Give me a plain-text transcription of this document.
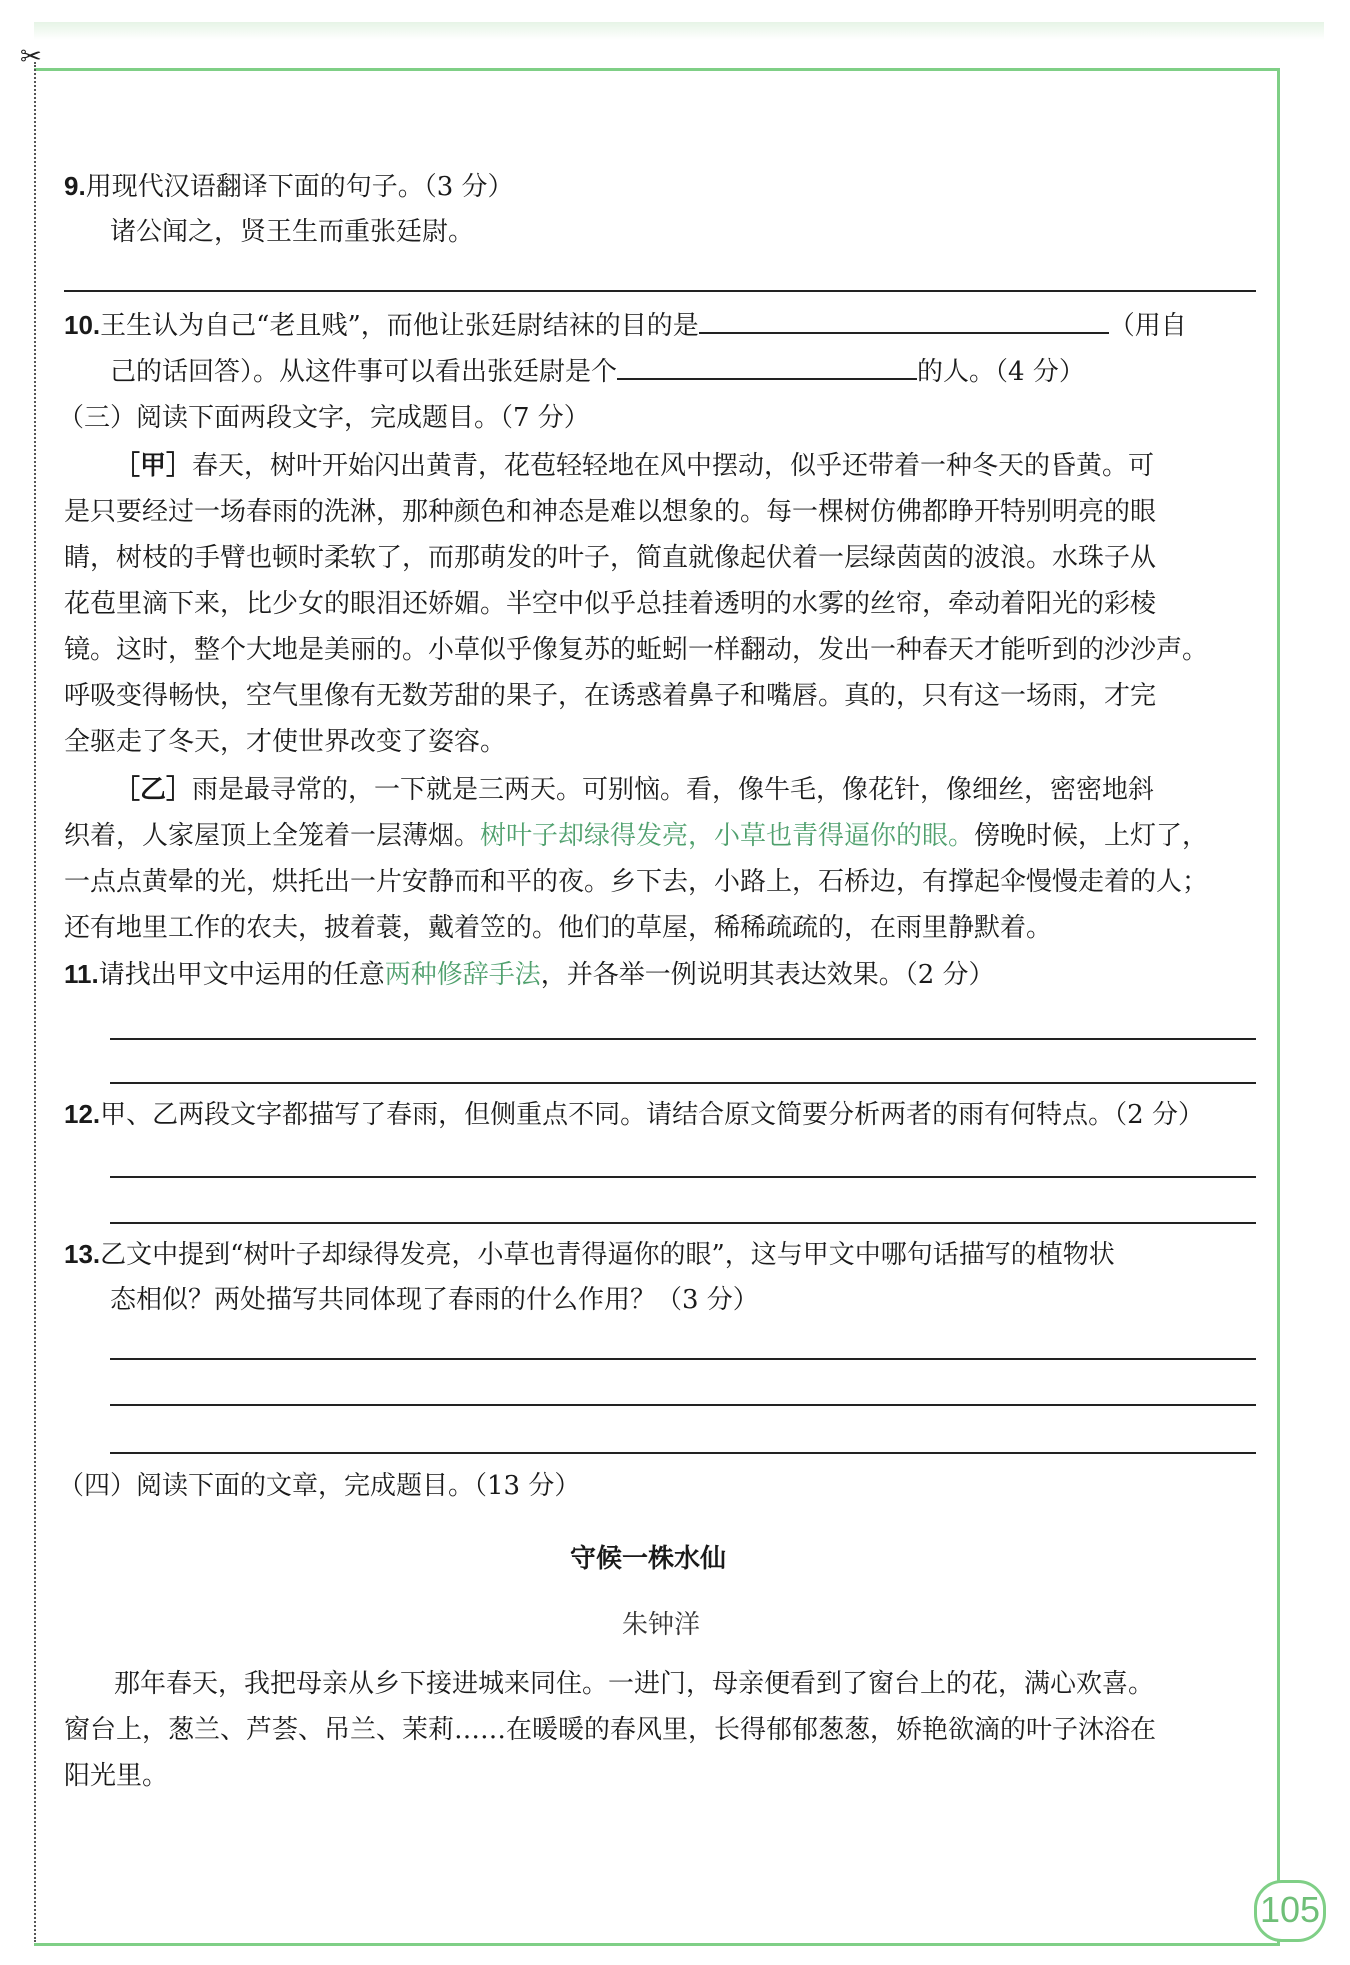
✂
9.用现代汉语翻译下面的句子。（3 分）
诸公闻之，贤王生而重张廷尉。
10.王生认为自己“老且贱”，而他让张廷尉结袜的目的是	（用自
己的话回答）。从这件事可以看出张廷尉是个	的人。（4 分）
（三）阅读下面两段文字，完成题目。（7 分）
［甲］春天，树叶开始闪出黄青，花苞轻轻地在风中摆动，似乎还带着一种冬天的昏黄。可
是只要经过一场春雨的洗淋，那种颜色和神态是难以想象的。每一棵树仿佛都睁开特别明亮的眼
睛，树枝的手臂也顿时柔软了，而那萌发的叶子，简直就像起伏着一层绿茵茵的波浪。水珠子从
花苞里滴下来，比少女的眼泪还娇媚。半空中似乎总挂着透明的水雾的丝帘，牵动着阳光的彩棱
镜。这时，整个大地是美丽的。小草似乎像复苏的蚯蚓一样翻动，发出一种春天才能听到的沙沙声。
呼吸变得畅快，空气里像有无数芳甜的果子，在诱惑着鼻子和嘴唇。真的，只有这一场雨，才完
全驱走了冬天，才使世界改变了姿容。
［乙］雨是最寻常的，一下就是三两天。可别恼。看，像牛毛，像花针，像细丝，密密地斜
织着，人家屋顶上全笼着一层薄烟。树叶子却绿得发亮，小草也青得逼你的眼。傍晚时候，上灯了，
一点点黄晕的光，烘托出一片安静而和平的夜。乡下去，小路上，石桥边，有撑起伞慢慢走着的人；
还有地里工作的农夫，披着蓑，戴着笠的。他们的草屋，稀稀疏疏的，在雨里静默着。
11.请找出甲文中运用的任意两种修辞手法，并各举一例说明其表达效果。（2 分）
12.甲、乙两段文字都描写了春雨，但侧重点不同。请结合原文简要分析两者的雨有何特点。（2 分）
13.乙文中提到“树叶子却绿得发亮，小草也青得逼你的眼”，这与甲文中哪句话描写的植物状
态相似？两处描写共同体现了春雨的什么作用？（3 分）
（四）阅读下面的文章，完成题目。（13 分）
守候一株水仙
朱钟洋
那年春天，我把母亲从乡下接进城来同住。一进门，母亲便看到了窗台上的花，满心欢喜。
窗台上，葱兰、芦荟、吊兰、茉莉……在暖暖的春风里，长得郁郁葱葱，娇艳欲滴的叶子沐浴在
阳光里。
105
